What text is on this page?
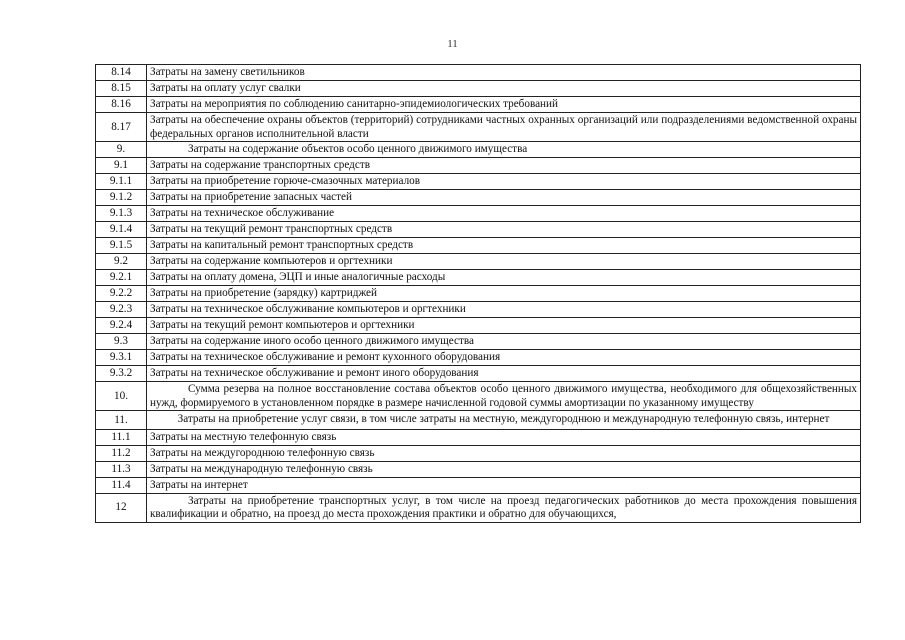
11
8.14	Затраты на замену светильников
8.15	Затраты на оплату услуг свалки
8.16	Затраты на мероприятия по соблюдению санитарно-эпидемиологических требований
8.17	Затраты на обеспечение охраны объектов (территорий) сотрудниками частных охранных организаций или подразделениями ведомственной охраны федеральных органов исполнительной власти
9.	Затраты на содержание объектов особо ценного движимого имущества

9.1	Затраты на содержание транспортных средств
9.1.1	Затраты на приобретение горюче-смазочных материалов
9.1.2	Затраты на приобретение запасных частей
9.1.3	Затраты на техническое обслуживание
9.1.4	Затраты на текущий ремонт транспортных средств
9.1.5	Затраты на капитальный ремонт транспортных средств
9.2	Затраты на содержание компьютеров и оргтехники
9.2.1	Затраты на оплату домена, ЭЦП и иные аналогичные расходы
9.2.2	Затраты на приобретение (зарядку) картриджей
9.2.3	Затраты на техническое обслуживание компьютеров и оргтехники
9.2.4	Затраты на текущий ремонт компьютеров и оргтехники
9.3	Затраты на содержание иного особо ценного движимого имущества
9.3.1	Затраты на техническое обслуживание и ремонт кухонного оборудования
9.3.2	Затраты на техническое обслуживание и ремонт иного оборудования
10.	Сумма резерва на полное восстановление состава объектов особо ценного движимого имущества, необходимого для общехозяйственных нужд, формируемого в установленном порядке в размере начисленной годовой суммы амортизации по указанному имуществу

11.	Затраты на приобретение услуг связи, в том числе затраты на местную, междугороднюю и международную телефонную связь, интернет
11.1	Затраты на местную телефонную связь
11.2	Затраты на междугороднюю телефонную связь
11.3	Затраты на международную телефонную связь
11.4	Затраты на интернет
12	Затраты на приобретение транспортных услуг, в том числе на проезд педагогических работников до места прохождения повышения квалификации и обратно, на проезд до места прохождения практики и обратно для обучающихся,
